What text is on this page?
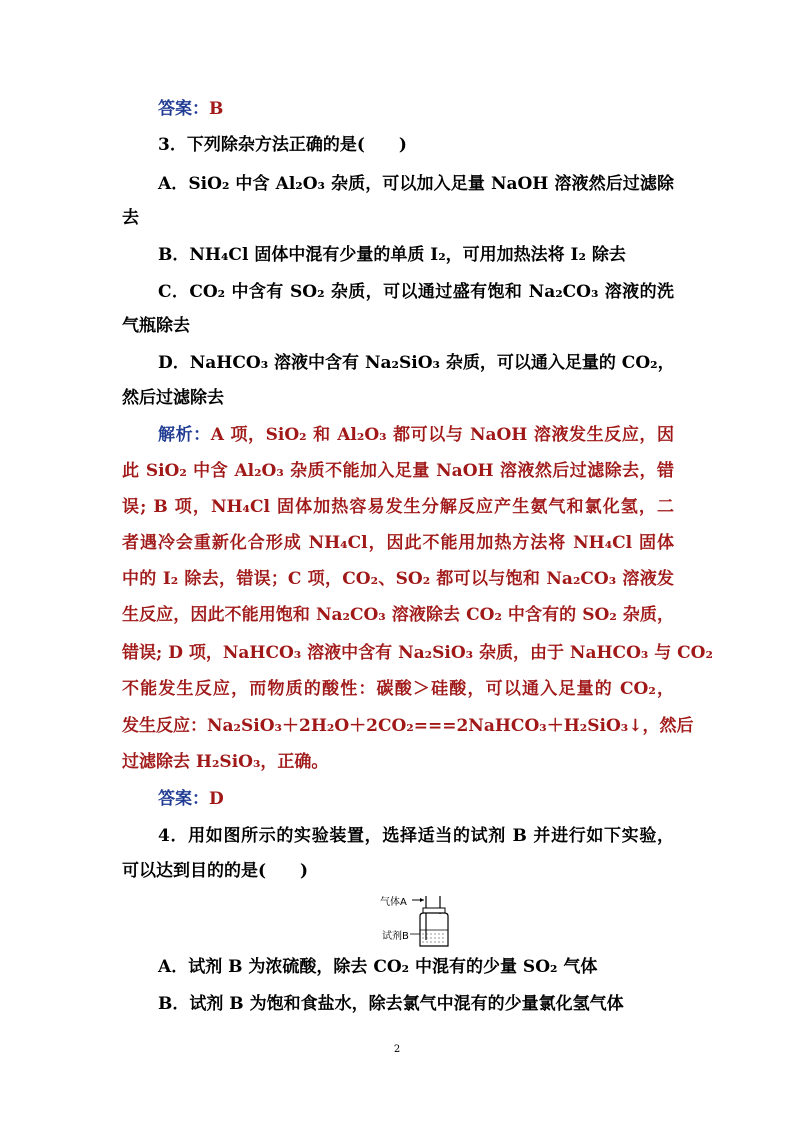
答案：B
3．下列除杂方法正确的是(　　)
A．SiO₂ 中含 Al₂O₃ 杂质，可以加入足量 NaOH 溶液然后过滤除
去
B．NH₄Cl 固体中混有少量的单质 I₂，可用加热法将 I₂ 除去
C．CO₂ 中含有 SO₂ 杂质，可以通过盛有饱和 Na₂CO₃ 溶液的洗
气瓶除去
D．NaHCO₃ 溶液中含有 Na₂SiO₃ 杂质，可以通入足量的 CO₂，
然后过滤除去
解析：A 项，SiO₂ 和 Al₂O₃ 都可以与 NaOH 溶液发生反应，因
此 SiO₂ 中含 Al₂O₃ 杂质不能加入足量 NaOH 溶液然后过滤除去，错
误; B 项，NH₄Cl 固体加热容易发生分解反应产生氨气和氯化氢，二
者遇冷会重新化合形成 NH₄Cl，因此不能用加热方法将 NH₄Cl 固体
中的 I₂ 除去，错误；C 项，CO₂、SO₂ 都可以与饱和 Na₂CO₃ 溶液发
生反应，因此不能用饱和 Na₂CO₃ 溶液除去 CO₂ 中含有的 SO₂ 杂质，
错误; D 项，NaHCO₃ 溶液中含有 Na₂SiO₃ 杂质，由于 NaHCO₃ 与 CO₂
不能发生反应，而物质的酸性：碳酸＞硅酸，可以通入足量的 CO₂，
发生反应：Na₂SiO₃＋2H₂O＋2CO₂===2NaHCO₃＋H₂SiO₃↓，然后
过滤除去 H₂SiO₃，正确。
答案：D
4．用如图所示的实验装置，选择适当的试剂 B 并进行如下实验，
可以达到目的的是(　　)
气体A
试剂B
A．试剂 B 为浓硫酸，除去 CO₂ 中混有的少量 SO₂ 气体
B．试剂 B 为饱和食盐水，除去氯气中混有的少量氯化氢气体
2
